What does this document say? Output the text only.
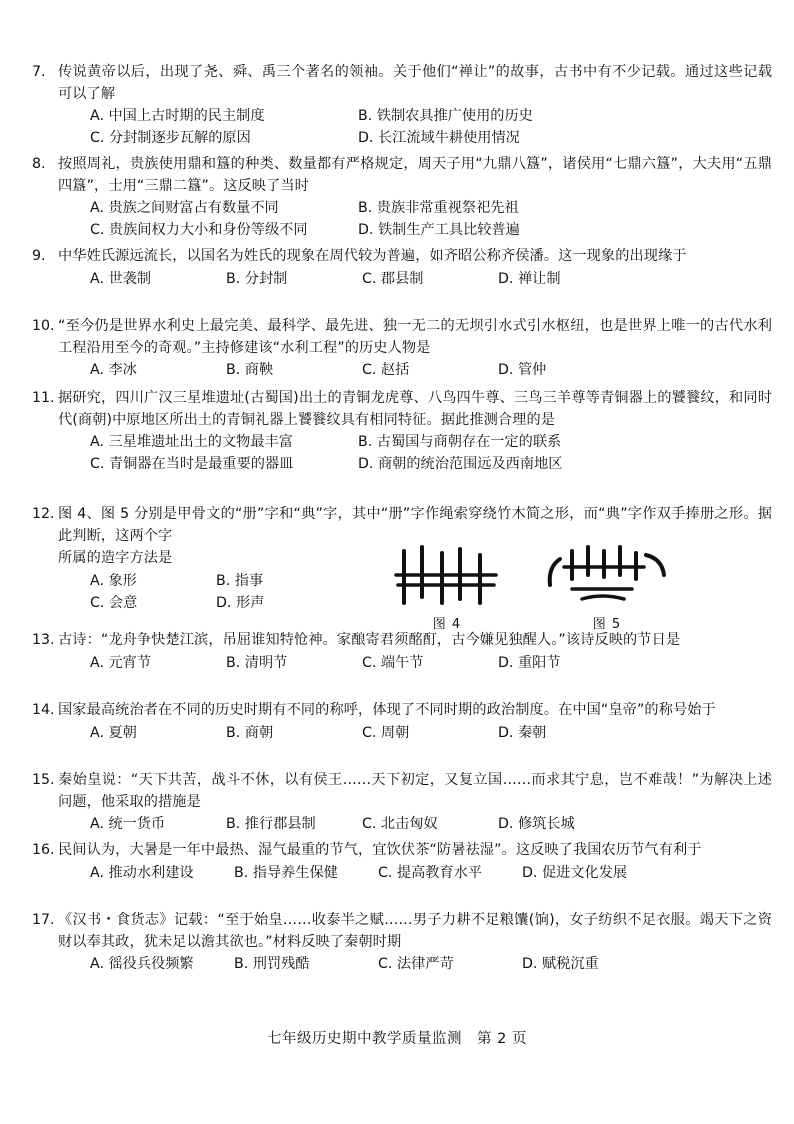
7. 传说黄帝以后，出现了尧、舜、禹三个著名的领袖。关于他们“禅让”的故事，古书中有不少记载。通过这些记载可以了解
A. 中国上古时期的民主制度	B. 铁制农具推广使用的历史
C. 分封制逐步瓦解的原因	D. 长江流域牛耕使用情况
8. 按照周礼，贵族使用鼎和簋的种类、数量都有严格规定，周天子用“九鼎八簋”，诸侯用“七鼎六簋”，大夫用“五鼎四簋”，士用“三鼎二簋”。这反映了当时
A. 贵族之间财富占有数量不同	B. 贵族非常重视祭祀先祖
C. 贵族间权力大小和身份等级不同	D. 铁制生产工具比较普遍
9. 中华姓氏源远流长，以国名为姓氏的现象在周代较为普遍，如齐昭公称齐侯潘。这一现象的出现缘于
A. 世袭制	B. 分封制	C. 郡县制	D. 禅让制
10. “至今仍是世界水利史上最完美、最科学、最先进、独一无二的无坝引水式引水枢纽，也是世界上唯一的古代水利工程沿用至今的奇观。”主持修建该“水利工程”的历史人物是
A. 李冰	B. 商鞅	C. 赵括	D. 管仲
11. 据研究，四川广汉三星堆遗址(古蜀国)出土的青铜龙虎尊、八鸟四牛尊、三鸟三羊尊等青铜器上的饕餮纹，和同时代(商朝)中原地区所出土的青铜礼器上饕餮纹具有相同特征。据此推测合理的是
A. 三星堆遗址出土的文物最丰富	B. 古蜀国与商朝存在一定的联系
C. 青铜器在当时是最重要的器皿	D. 商朝的统治范围远及西南地区
12. 图 4、图 5 分别是甲骨文的“册”字和“典”字，其中“册”字作绳索穿绕竹木简之形，而“典”字作双手捧册之形。据此判断，这两个字
所属的造字方法是
A. 象形	B. 指事
C. 会意	D. 形声
图 4	图 5
13. 古诗：“龙舟争快楚江滨，吊屈谁知特怆神。家酿寄君须酩酊，古今嫌见独醒人。”该诗反映的节日是
A. 元宵节	B. 清明节	C. 端午节	D. 重阳节
14. 国家最高统治者在不同的历史时期有不同的称呼，体现了不同时期的政治制度。在中国“皇帝”的称号始于
A. 夏朝	B. 商朝	C. 周朝	D. 秦朝
15. 秦始皇说：“天下共苦，战斗不休，以有侯王……天下初定，又复立国……而求其宁息，岂不难哉！”为解决上述问题，他采取的措施是
A. 统一货币	B. 推行郡县制	C. 北击匈奴	D. 修筑长城
16. 民间认为，大暑是一年中最热、湿气最重的节气，宜饮伏茶“防暑祛湿”。这反映了我国农历节气有利于
A. 推动水利建设	B. 指导养生保健	C. 提高教育水平	D. 促进文化发展
17. 《汉书・食货志》记载：“至于始皇……收泰半之赋……男子力耕不足粮馕(饷)，女子纺织不足衣服。竭天下之资财以奉其政，犹未足以澹其欲也。”材料反映了秦朝时期
A. 徭役兵役频繁	B. 刑罚残酷	C. 法律严苛	D. 赋税沉重
七年级历史期中教学质量监测　第 2 页
